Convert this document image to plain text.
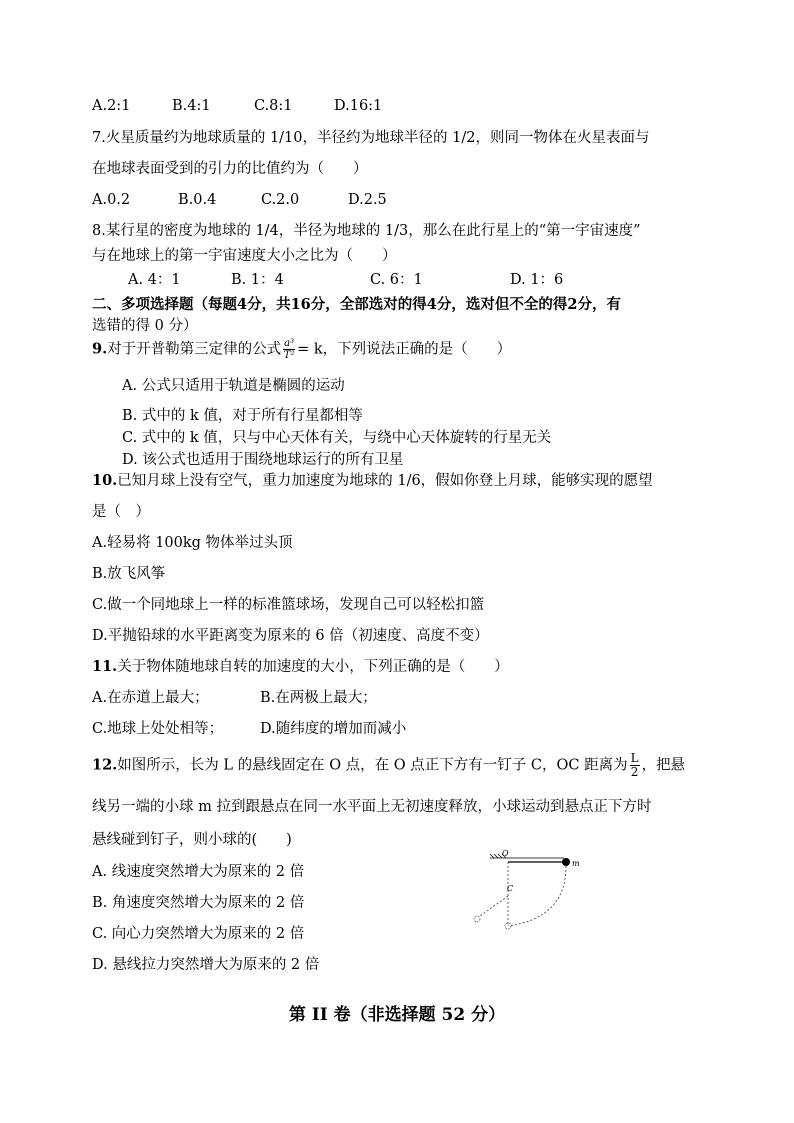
A.2:1	B.4:1	C.8:1	D.16:1
7.火星质量约为地球质量的 1/10，半径约为地球半径的 1/2，则同一物体在火星表面与
在地球表面受到的引力的比值约为（　　）
A.0.2	B.0.4	C.2.0	D.2.5
8.某行星的密度为地球的 1/4，半径为地球的 1/3，那么在此行星上的“第一宇宙速度”
与在地球上的第一宇宙速度大小之比为（　　）
A. 4：1	B. 1：4	C. 6：1	D. 1：6
二、多项选择题（每题4分，共16分，全部选对的得4分，选对但不全的得2分，有
选错的得 0 分）
9.对于开普勒第三定律的公式 $\frac{\text{a³}}{\text{T²}} = k$，下列说法正确的是（　　）
A. 公式只适用于轨道是椭圆的运动
B. 式中的 k 值，对于所有行星都相等
C. 式中的 k 值，只与中心天体有关，与绕中心天体旋转的行星无关
D. 该公式也适用于围绕地球运行的所有卫星
10.已知月球上没有空气，重力加速度为地球的 1/6，假如你登上月球，能够实现的愿望
是（　）
A.轻易将 100kg 物体举过头顶
B.放飞风筝
C.做一个同地球上一样的标准篮球场，发现自己可以轻松扣篮
D.平抛铅球的水平距离变为原来的 6 倍（初速度、高度不变）
11.关于物体随地球自转的加速度的大小，下列正确的是（　　）
A.在赤道上最大；	B.在两极上最大；
C.地球上处处相等；	D.随纬度的增加而减小
12.如图所示，长为 L 的悬线固定在 O 点，在 O 点正下方有一钉子 C，OC 距离为 $\frac{L}{2}$ ，把悬
线另一端的小球 m 拉到跟悬点在同一水平面上无初速度释放，小球运动到悬点正下方时
悬线碰到钉子，则小球的(　　)
A. 线速度突然增大为原来的 2 倍
B. 角速度突然增大为原来的 2 倍
C. 向心力突然增大为原来的 2 倍
D. 悬线拉力突然增大为原来的 2 倍
O
m
C
第 II 卷（非选择题 52 分）
